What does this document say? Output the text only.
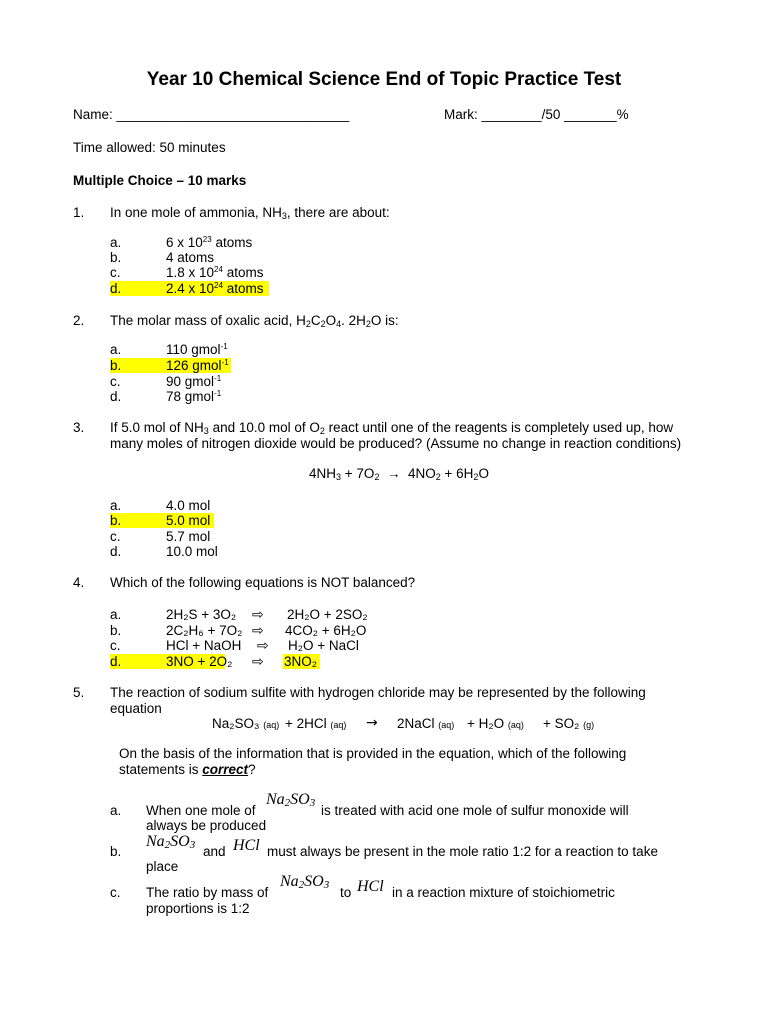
Year 10 Chemical Science End of Topic Practice Test
Name: _______________________________	Mark: ________/50 _______%
Time allowed: 50 minutes
Multiple Choice – 10 marks
1. In one mole of ammonia, $NH_3$, there are about:
a.	6 x $10^{23}$ atoms
b.	4 atoms
c.	1.8 x $10^{24}$ atoms
d.	2.4 x $10^{24}$ atoms
2. The molar mass of oxalic acid, $H_2C_2O_4$. $2H_2O$ is:
a.	110 gmol$^{-1}$
b.	126 gmol$^{-1}$
c.	90 gmol$^{-1}$
d.	78 gmol$^{-1}$
3. If 5.0 mol of $NH_3$ and 10.0 mol of $O_2$ react until one of the reagents is completely used up, how many moles of nitrogen dioxide would be produced? (Assume no change in reaction conditions)
$4NH_3 + 7O_2 \to 4NO_2 + 6H_2O$
a.	4.0 mol
b.	5.0 mol
c.	5.7 mol
d.	10.0 mol
4. Which of the following equations is NOT balanced?
a.	2H₂S + 3O₂ ⇨ 2H₂O + 2SO₂
b.	2C₂H₆ + 7O₂ ⇨ 4CO₂ + 6H₂O
c.	HCl + NaOH ⇨ H₂O + NaCl
d.	3NO + 2O₂ ⇨ 3NO₂
5. The reaction of sodium sulfite with hydrogen chloride may be represented by the following equation
Na₂SO₃ (aq) + 2HCl (aq) → 2NaCl (aq) + H₂O (aq) + SO₂ (g)
On the basis of the information that is provided in the equation, which of the following statements is correct?
a. When one mole of
$Na_2SO_3$ is treated with acid one mole of sulfur monoxide will
always be produced
b.
$Na_2SO_3$ and HCl must always be present in the mole ratio 1:2 for a reaction to take
place
c. The ratio by mass of
$Na_2SO_3$ to HCl in a reaction mixture of stoichiometric
proportions is 1:2
